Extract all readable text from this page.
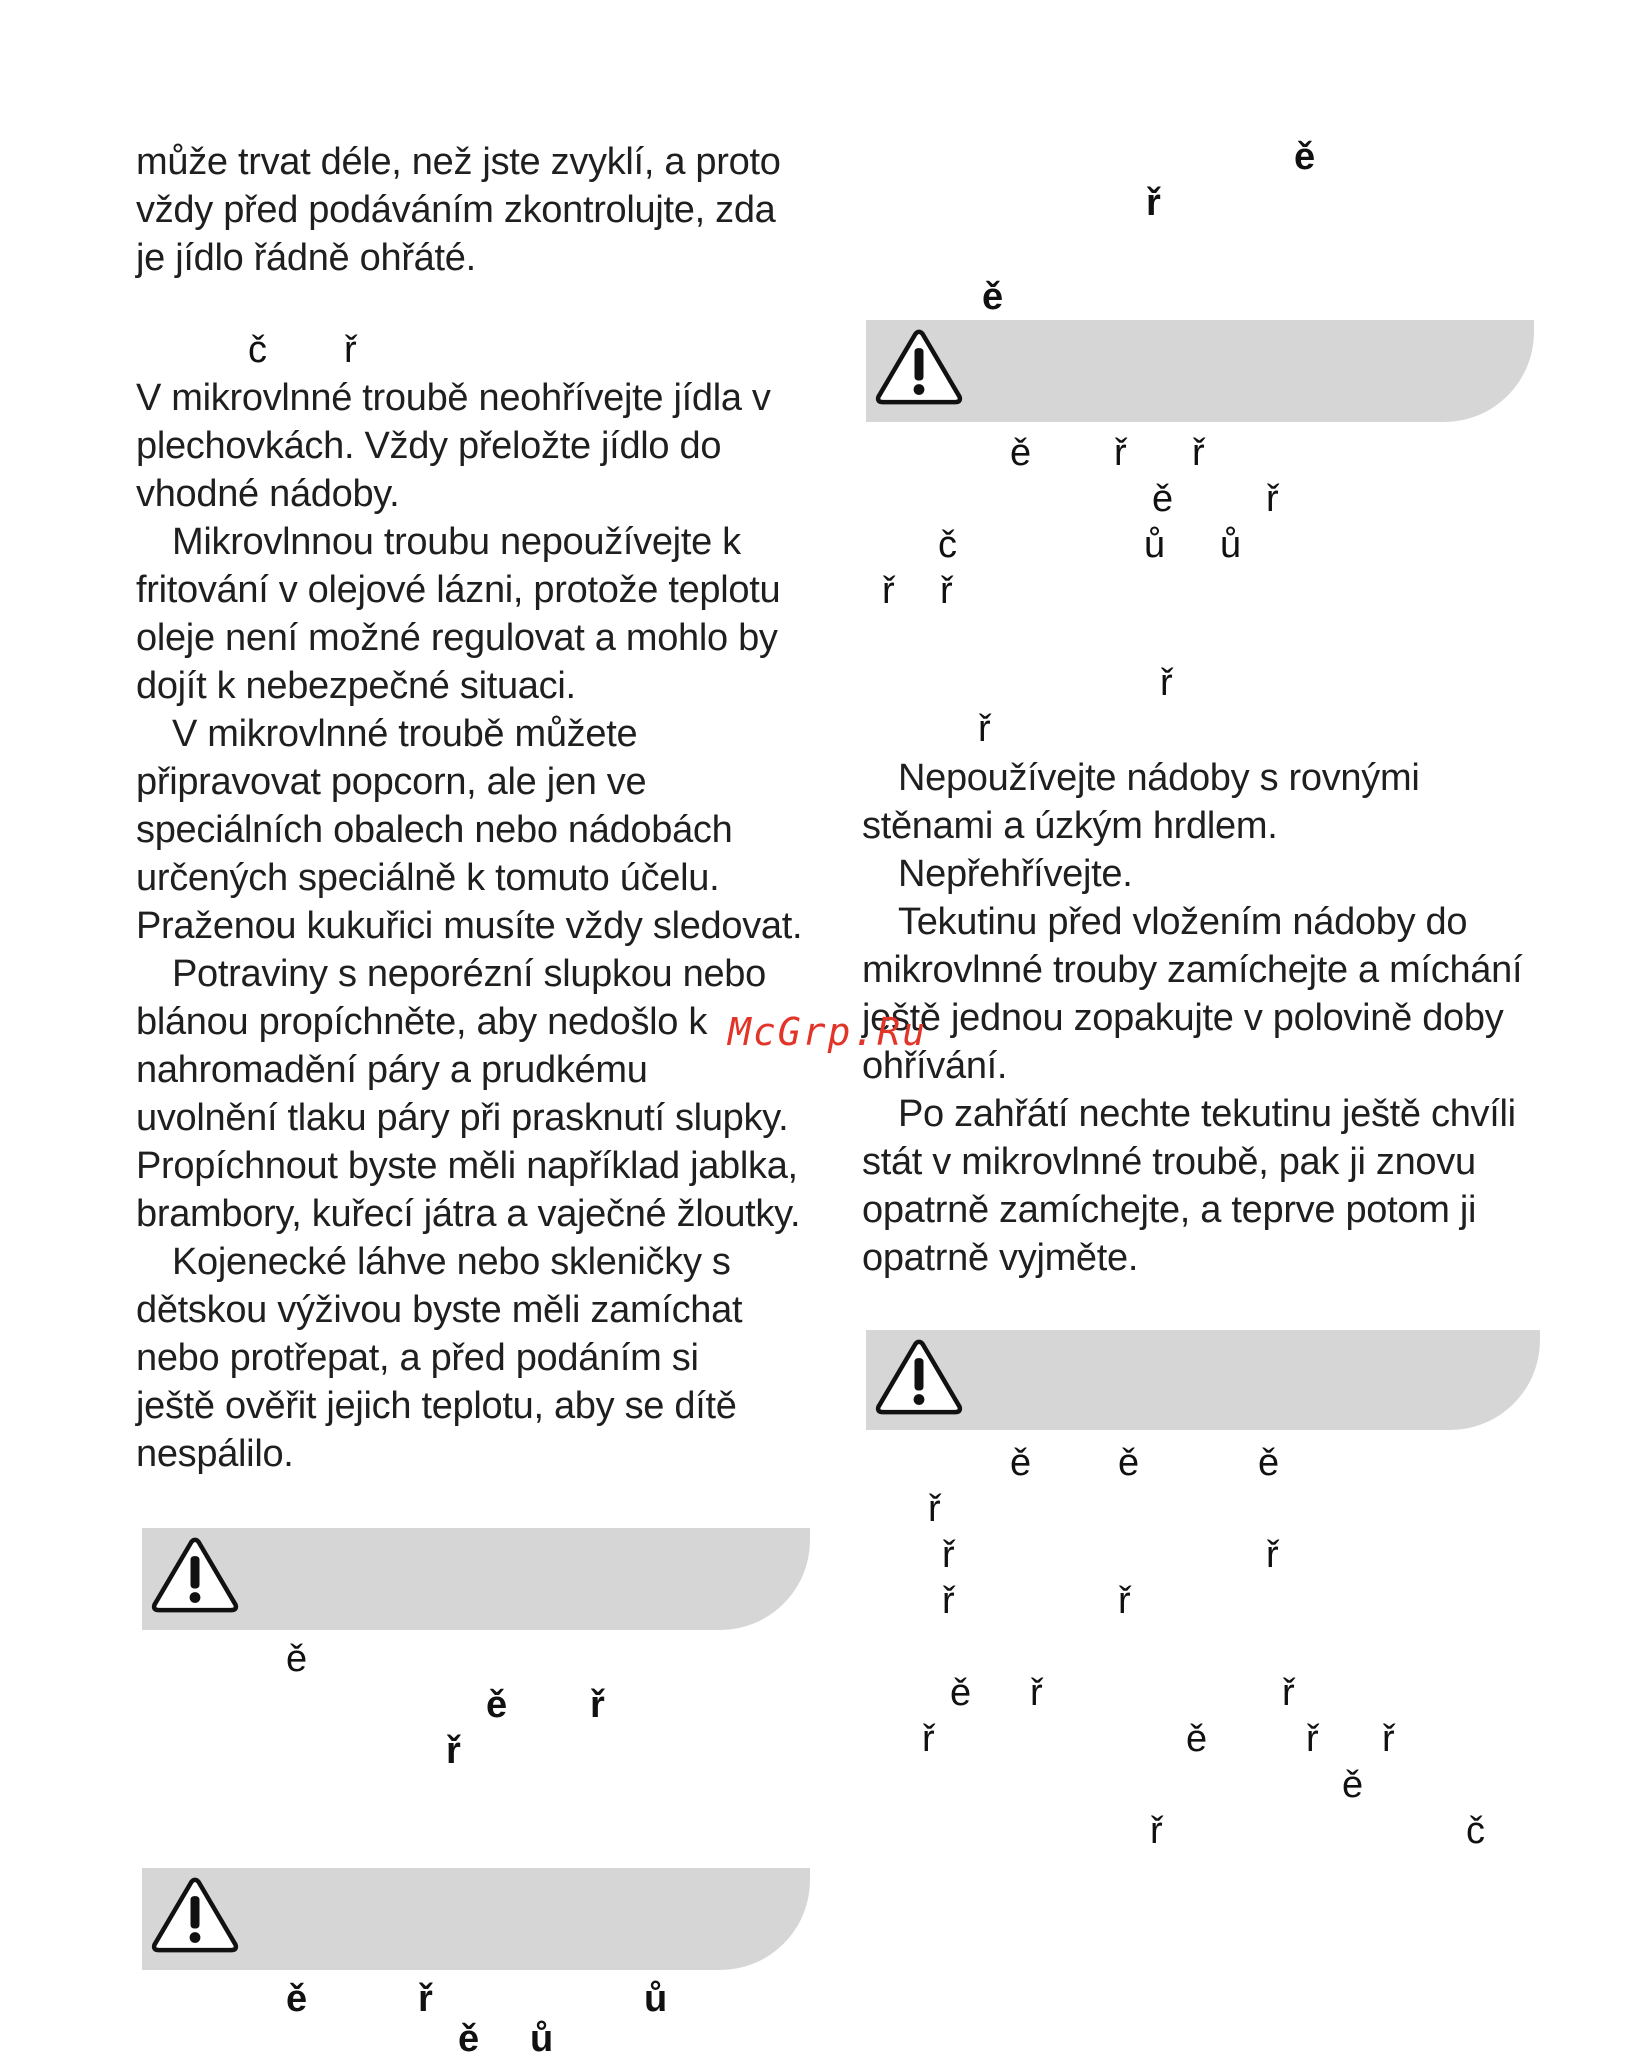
může trvat déle, než jste zvyklí, a proto

vždy před podáváním zkontrolujte, zda

je jídlo řádně ohřáté.

č ř

V mikrovlnné troubě neohřívejte jídla v

plechovkách. Vždy přeložte jídlo do

vhodné nádoby.

Mikrovlnnou troubu nepoužívejte k

fritování v olejové lázni, protože teplotu

oleje není možné regulovat a mohlo by

dojít k nebezpečné situaci.

V mikrovlnné troubě můžete

připravovat popcorn, ale jen ve

speciálních obalech nebo nádobách

určených speciálně k tomuto účelu.

Praženou kukuřici musíte vždy sledovat.

Potraviny s neporézní slupkou nebo

blánou propíchněte, aby nedošlo k

nahromadění páry a prudkému

uvolnění tlaku páry při prasknutí slupky.

Propíchnout byste měli například jablka,

brambory, kuřecí játra a vaječné žloutky.

Kojenecké láhve nebo skleničky s

dětskou výživou byste měli zamíchat

nebo protřepat, a před podáním si

ještě ověřit jejich teplotu, aby se dítě

nespálilo.

ě
ě ř
ř
ě	ř	ů
ě ů
ě
ř
ě
ě ř ř
ě ř
č	ů ů
ř ř
ř
ř

Nepoužívejte nádoby s rovnými

stěnami a úzkým hrdlem.

Nepřehřívejte.

Tekutinu před vložením nádoby do

mikrovlnné trouby zamíchejte a míchání

ještě jednou zopakujte v polovině doby

ohřívání.

Po zahřátí nechte tekutinu ještě chvíli

stát v mikrovlnné troubě, pak ji znovu

opatrně zamíchejte, a teprve potom ji

opatrně vyjměte.

ě ě	ě
ř
ř	ř
ř	ř
ě ř	ř
ř	ě	ř ř
ě
ř	č
McGrp.Ru
